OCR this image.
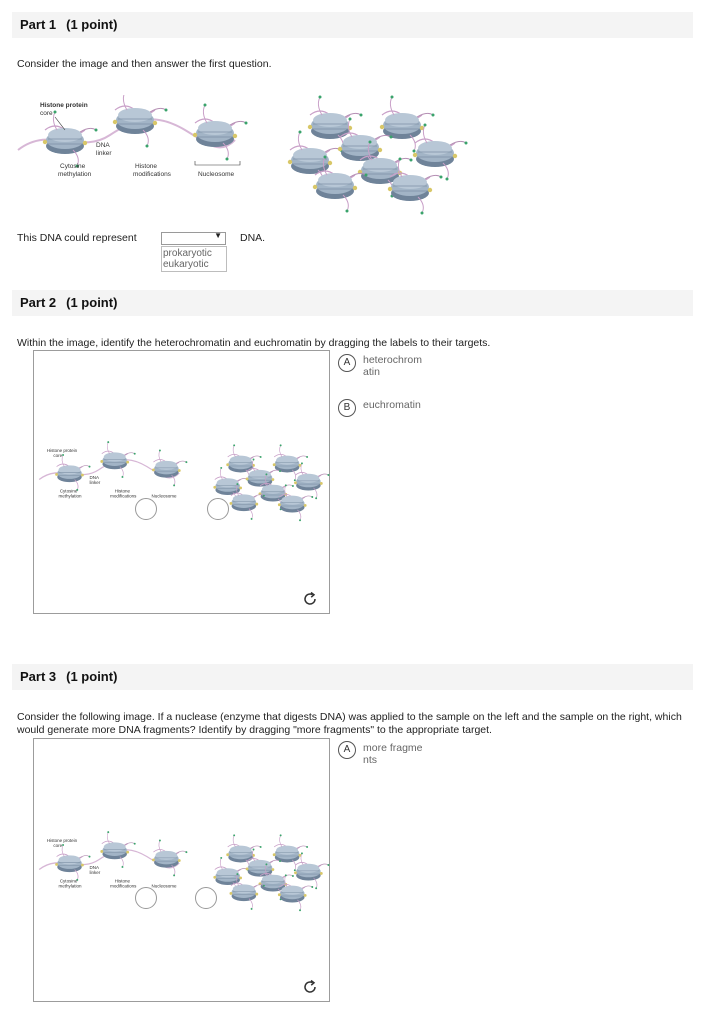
Part 1 (1 point)
Consider the image and then answer the first question.
Histone protein
core
DNA
linker
Cytosine
methylation
Histone
modifications	Nucleosome
This DNA could represent	▼
prokaryotic
eukaryotic
DNA.
Part 2 (1 point)
Within the image, identify the heterochromatin and euchromatin by dragging the labels to their targets.
Histone protein
core
DNA
linker
Cytosine
methylation
Histone
modifications Nucleosome
A	heterochromatin
B	euchromatin
Part 3 (1 point)
Consider the following image. If a nuclease (enzyme that digests DNA) was applied to the sample on the left and the sample on the right, which would generate more DNA fragments? Identify by dragging "more fragments" to the appropriate target.
Histone protein
core
DNA
linker
Cytosine
methylation
Histone
modifications Nucleosome
A	more fragments
